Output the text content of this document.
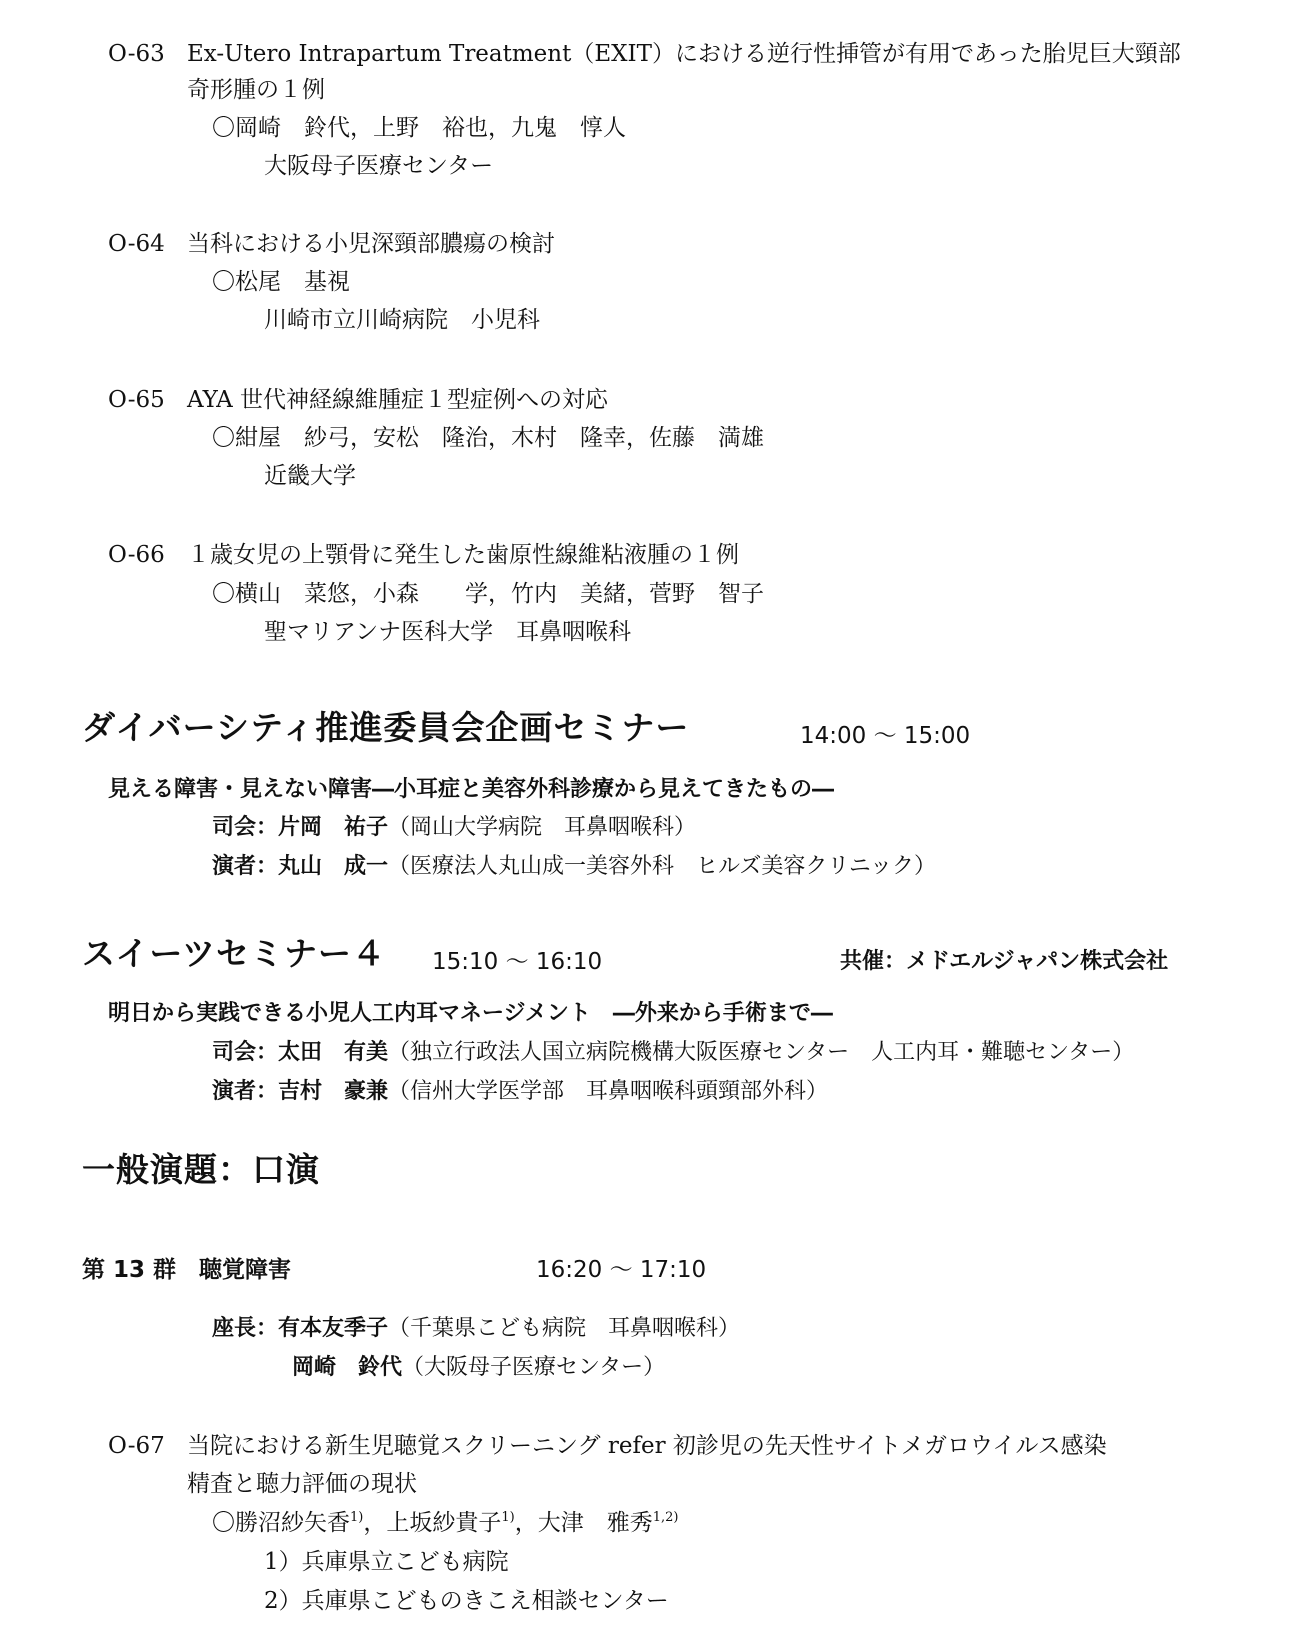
O-63 Ex-Utero Intrapartum Treatment（EXIT）における逆行性挿管が有用であった胎児巨大頸部
奇形腫の１例
〇岡崎　鈴代，上野　裕也，九鬼　惇人
大阪母子医療センター
O-64 当科における小児深頸部膿瘍の検討
〇松尾　基視
川崎市立川崎病院　小児科
O-65 AYA 世代神経線維腫症１型症例への対応
〇紺屋　紗弓，安松　隆治，木村　隆幸，佐藤　満雄
近畿大学
O-66 １歳女児の上顎骨に発生した歯原性線維粘液腫の１例
〇横山　菜悠，小森　　学，竹内　美緒，菅野　智子
聖マリアンナ医科大学　耳鼻咽喉科
ダイバーシティ推進委員会企画セミナー	14:00 ～ 15:00
見える障害・見えない障害―小耳症と美容外科診療から見えてきたもの―
司会：片岡　祐子（岡山大学病院　耳鼻咽喉科）
演者：丸山　成一（医療法人丸山成一美容外科　ヒルズ美容クリニック）
スイーツセミナー４ 15:10 ～ 16:10	共催：メドエルジャパン株式会社
明日から実践できる小児人工内耳マネージメント　―外来から手術まで―
司会：太田　有美（独立行政法人国立病院機構大阪医療センター　人工内耳・難聴センター）
演者：吉村　豪兼（信州大学医学部　耳鼻咽喉科頭頸部外科）
一般演題：口演
第 13 群　聴覚障害	16:20 ～ 17:10
座長：有本友季子（千葉県こども病院　耳鼻咽喉科）
岡崎　鈴代（大阪母子医療センター）
O-67 当院における新生児聴覚スクリーニング refer 初診児の先天性サイトメガロウイルス感染
精査と聴力評価の現状
〇勝沼紗矢香$^{1)}$，上坂紗貴子$^{1)}$，大津　雅秀$^{1,2)}$
1）兵庫県立こども病院
2）兵庫県こどものきこえ相談センター
